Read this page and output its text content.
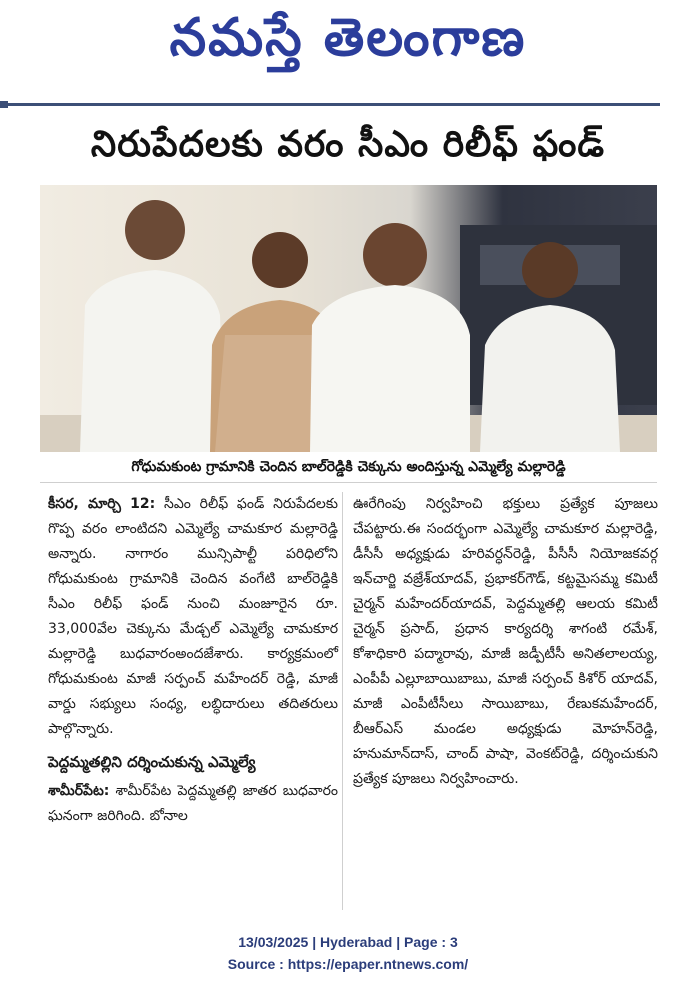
నమస్తే తెలంగాణ
నిరుపేదలకు వరం సీఎం రిలీఫ్ ఫండ్
గోధుమకుంట గ్రామానికి చెందిన బాల్‌రెడ్డికి చెక్కును అందిస్తున్న ఎమ్మెల్యే మల్లారెడ్డి

కీసర, మార్చి 12: సీఎం రిలీఫ్ ఫండ్ నిరుపేదలకు గొప్ప వరం లాంటిదని ఎమ్మెల్యే చామకూర మల్లారెడ్డి అన్నారు. నాగారం మున్సిపాల్టీ పరిధిలోని గోధుమకుంట గ్రామానికి చెందిన వంగేటి బాల్‌రెడ్డికి సీఎం రిలీఫ్ ఫండ్ నుంచి మంజూరైన రూ. 33,000వేల చెక్కును మేడ్చల్ ఎమ్మెల్యే చామకూర మల్లారెడ్డి బుధవారంఅందజేశారు. కార్యక్రమంలో గోధుమకుంట మాజీ సర్పంచ్ మహేందర్ రెడ్డి, మాజీ వార్డు సభ్యులు సంధ్య, లబ్ధిదారులు తదితరులు పాల్గొన్నారు.

పెద్దమ్మతల్లిని దర్శించుకున్న ఎమ్మెల్యే

శామీర్‌పేట: శామీర్‌పేట పెద్దమ్మతల్లి జాతర బుధవారం ఘనంగా జరిగింది. బోనాల

ఊరేగింపు నిర్వహించి భక్తులు ప్రత్యేక పూజలు చేపట్టారు.ఈ సందర్భంగా ఎమ్మెల్యే చామకూర మల్లారెడ్డి, డీసీసీ అధ్యక్షుడు హరివర్ధన్‌రెడ్డి, పీసీసీ నియోజకవర్గ ఇన్‌చార్జి వజ్రేశ్‌యాదవ్, ప్రభాకర్‌గౌడ్, కట్టమైసమ్మ కమిటీ చైర్మన్ మహేందర్‌యాదవ్, పెద్దమ్మతల్లి ఆలయ కమిటీ చైర్మన్ ప్రసాద్, ప్రధాన కార్యదర్శి శాగంటి రమేశ్, కోశాధికారి పద్మారావు, మాజీ జడ్పీటీసీ అనితలాలయ్య, ఎంపీపీ ఎల్లూబాయిబాబు, మాజీ సర్పంచ్ కిశోర్ యాదవ్, మాజీ ఎంపీటీసీలు సాయిబాబు, రేణుకమహేందర్, బీఆర్‌ఎస్ మండల అధ్యక్షుడు మోహన్‌రెడ్డి, హనుమాన్‌దాస్, చాంద్ పాషా, వెంకట్‌రెడ్డి, దర్శించుకుని ప్రత్యేక పూజలు నిర్వహించారు.

13/03/2025 | Hyderabad | Page : 3
Source : https://epaper.ntnews.com/
